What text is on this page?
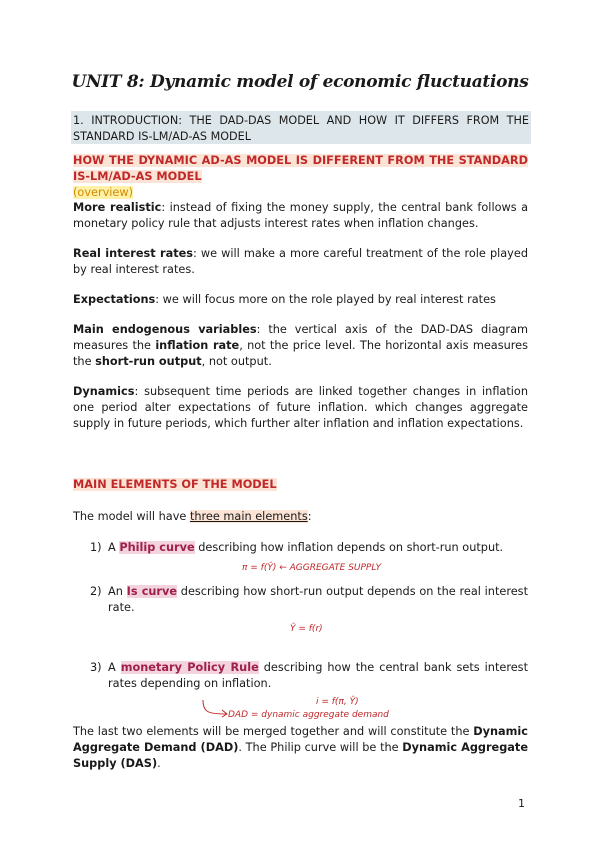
UNIT 8: Dynamic model of economic fluctuations
1. INTRODUCTION: THE DAD-DAS MODEL AND HOW IT DIFFERS FROM THE STANDARD IS-LM/AD-AS MODEL
HOW THE DYNAMIC AD-AS MODEL IS DIFFERENT FROM THE STANDARD IS-LM/AD-AS MODEL
(overview)
More realistic: instead of fixing the money supply, the central bank follows a monetary policy rule that adjusts interest rates when inflation changes.
Real interest rates: we will make a more careful treatment of the role played by real interest rates.
Expectations: we will focus more on the role played by real interest rates
Main endogenous variables: the vertical axis of the DAD-DAS diagram measures the inflation rate, not the price level. The horizontal axis measures the short-run output, not output.
Dynamics: subsequent time periods are linked together changes in inflation one period alter expectations of future inflation. which changes aggregate supply in future periods, which further alter inflation and inflation expectations.
MAIN ELEMENTS OF THE MODEL
The model will have three main elements:
1) A Philip curve describing how inflation depends on short-run output.
π = f(Ŷ) ← AGGREGATE SUPPLY
2) An Is curve describing how short-run output depends on the real interest rate.
Ŷ = f(r)
3) A monetary Policy Rule describing how the central bank sets interest rates depending on inflation.
i = f(π, Ŷ)
DAD = dynamic aggregate demand
The last two elements will be merged together and will constitute the Dynamic Aggregate Demand (DAD). The Philip curve will be the Dynamic Aggregate Supply (DAS).
1
